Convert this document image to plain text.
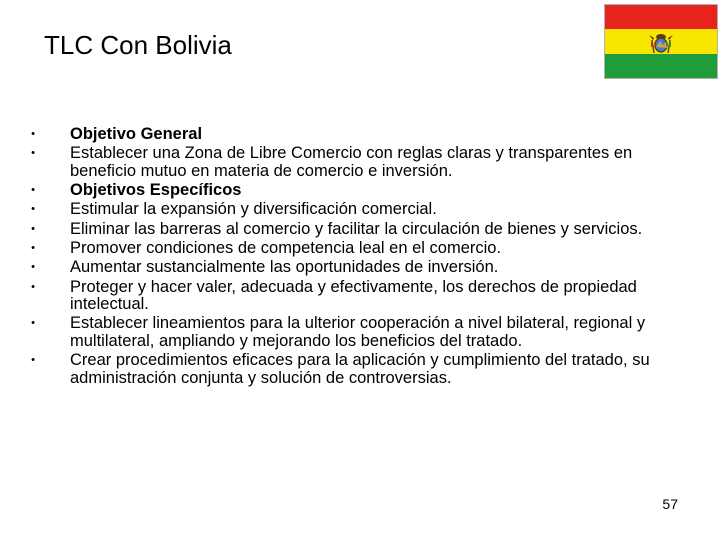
TLC Con Bolivia
• Objetivo General
• Establecer una Zona de Libre Comercio con reglas claras y transparentes en beneficio mutuo en materia de comercio e inversión.
• Objetivos Específicos
• Estimular la expansión y diversificación comercial.
• Eliminar las barreras al comercio y facilitar la circulación de bienes y servicios.
• Promover condiciones de competencia leal en el comercio.
• Aumentar sustancialmente las oportunidades de inversión.
• Proteger y hacer valer, adecuada y efectivamente, los derechos de propiedad intelectual.
• Establecer lineamientos para la ulterior cooperación a nivel bilateral, regional y multilateral, ampliando y mejorando los beneficios del tratado.
• Crear procedimientos eficaces para la aplicación y cumplimiento del tratado, su administración conjunta y solución de controversias.
57
